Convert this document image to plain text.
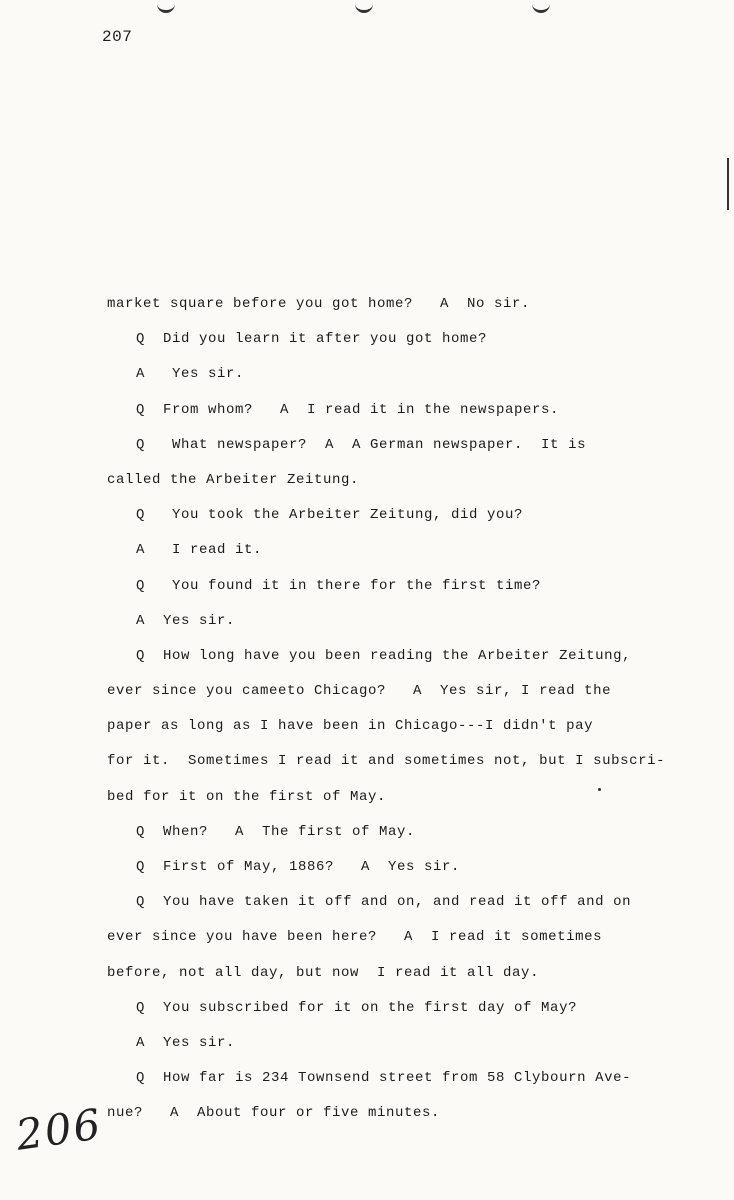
207
market square before you got home?   A  No sir.
Q  Did you learn it after you got home?
A   Yes sir.
Q  From whom?   A  I read it in the newspapers.
Q   What newspaper?  A  A German newspaper.  It is
called the Arbeiter Zeitung.
Q   You took the Arbeiter Zeitung, did you?
A   I read it.
Q   You found it in there for the first time?
A  Yes sir.
Q  How long have you been reading the Arbeiter Zeitung,
ever since you cameeto Chicago?   A  Yes sir, I read the
paper as long as I have been in Chicago---I didn't pay
for it.  Sometimes I read it and sometimes not, but I subscri-
bed for it on the first of May.
Q  When?   A  The first of May.
Q  First of May, 1886?   A  Yes sir.
Q  You have taken it off and on, and read it off and on
ever since you have been here?   A  I read it sometimes
before, not all day, but now  I read it all day.
Q  You subscribed for it on the first day of May?
A  Yes sir.
Q  How far is 234 Townsend street from 58 Clybourn Ave-
nue?   A  About four or five minutes.
206
